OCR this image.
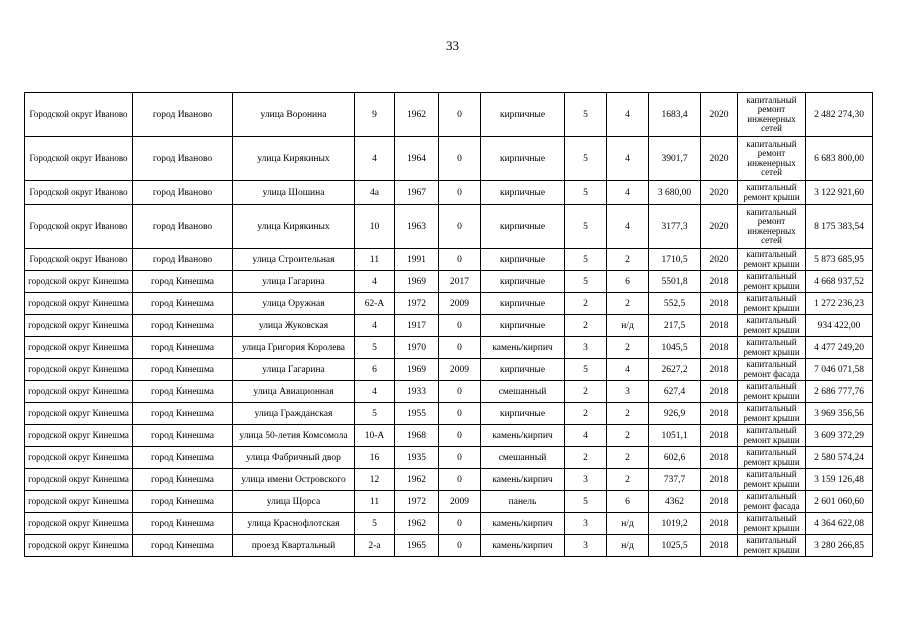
33
Городской округ Иваново	город Иваново	улица Воронина	9	1962	0	кирпичные	5	4	1683,4	2020	капитальный ремонт инженерных сетей	2 482 274,30
Городской округ Иваново	город Иваново	улица Кирякиных	4	1964	0	кирпичные	5	4	3901,7	2020	капитальный ремонт инженерных сетей	6 683 800,00
Городской округ Иваново	город Иваново	улица Шошина	4а	1967	0	кирпичные	5	4	3 680,00	2020	капитальный ремонт крыши	3 122 921,60
Городской округ Иваново	город Иваново	улица Кирякиных	10	1963	0	кирпичные	5	4	3177,3	2020	капитальный ремонт инженерных сетей	8 175 383,54
Городской округ Иваново	город Иваново	улица Строительная	11	1991	0	кирпичные	5	2	1710,5	2020	капитальный ремонт крыши	5 873 685,95
городской округ Кинешма	город Кинешма	улица Гагарина	4	1969	2017	кирпичные	5	6	5501,8	2018	капитальный ремонт крыши	4 668 937,52
городской округ Кинешма	город Кинешма	улица Оружная	62-А	1972	2009	кирпичные	2	2	552,5	2018	капитальный ремонт крыши	1 272 236,23
городской округ Кинешма	город Кинешма	улица Жуковская	4	1917	0	кирпичные	2	н/д	217,5	2018	капитальный ремонт крыши	934 422,00
городской округ Кинешма	город Кинешма	улица Григория Королева	5	1970	0	камень/кирпич	3	2	1045,5	2018	капитальный ремонт крыши	4 477 249,20
городской округ Кинешма	город Кинешма	улица Гагарина	6	1969	2009	кирпичные	5	4	2627,2	2018	капитальный ремонт фасада	7 046 071,58
городской округ Кинешма	город Кинешма	улица Авиационная	4	1933	0	смешанный	2	3	627,4	2018	капитальный ремонт крыши	2 686 777,76
городской округ Кинешма	город Кинешма	улица Гражданская	5	1955	0	кирпичные	2	2	926,9	2018	капитальный ремонт крыши	3 969 356,56
городской округ Кинешма	город Кинешма	улица 50-летия Комсомола	10-А	1968	0	камень/кирпич	4	2	1051,1	2018	капитальный ремонт крыши	3 609 372,29
городской округ Кинешма	город Кинешма	улица Фабричный двор	16	1935	0	смешанный	2	2	602,6	2018	капитальный ремонт крыши	2 580 574,24
городской округ Кинешма	город Кинешма	улица имени Островского	12	1962	0	камень/кирпич	3	2	737,7	2018	капитальный ремонт крыши	3 159 126,48
городской округ Кинешма	город Кинешма	улица Щорса	11	1972	2009	панель	5	6	4362	2018	капитальный ремонт фасада	2 601 060,60
городской округ Кинешма	город Кинешма	улица Краснофлотская	5	1962	0	камень/кирпич	3	н/д	1019,2	2018	капитальный ремонт крыши	4 364 622,08
городской округ Кинешма	город Кинешма	проезд Квартальный	2-а	1965	0	камень/кирпич	3	н/д	1025,5	2018	капитальный ремонт крыши	3 280 266,85
